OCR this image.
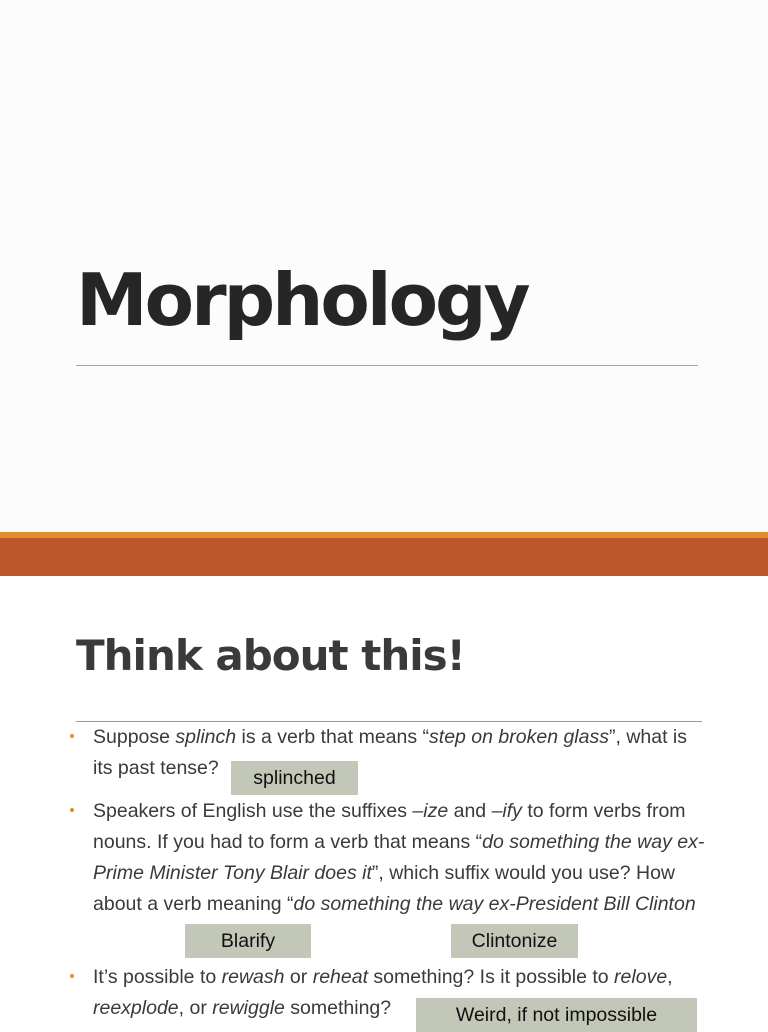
Morphology
Think about this!

Suppose splinch is a verb that means “step on broken glass”, what is its past tense?

Speakers of English use the suffixes –ize and –ify to form verbs from nouns. If you had to form a verb that means “do something the way ex-Prime Minister Tony Blair does it”, which suffix would you use? How about a verb meaning “do something the way ex-President Bill Clinton

It’s possible to rewash or reheat something? Is it possible to relove, reexplode, or rewiggle something?

splinched
Blarify	Clintonize
Weird, if not impossible
